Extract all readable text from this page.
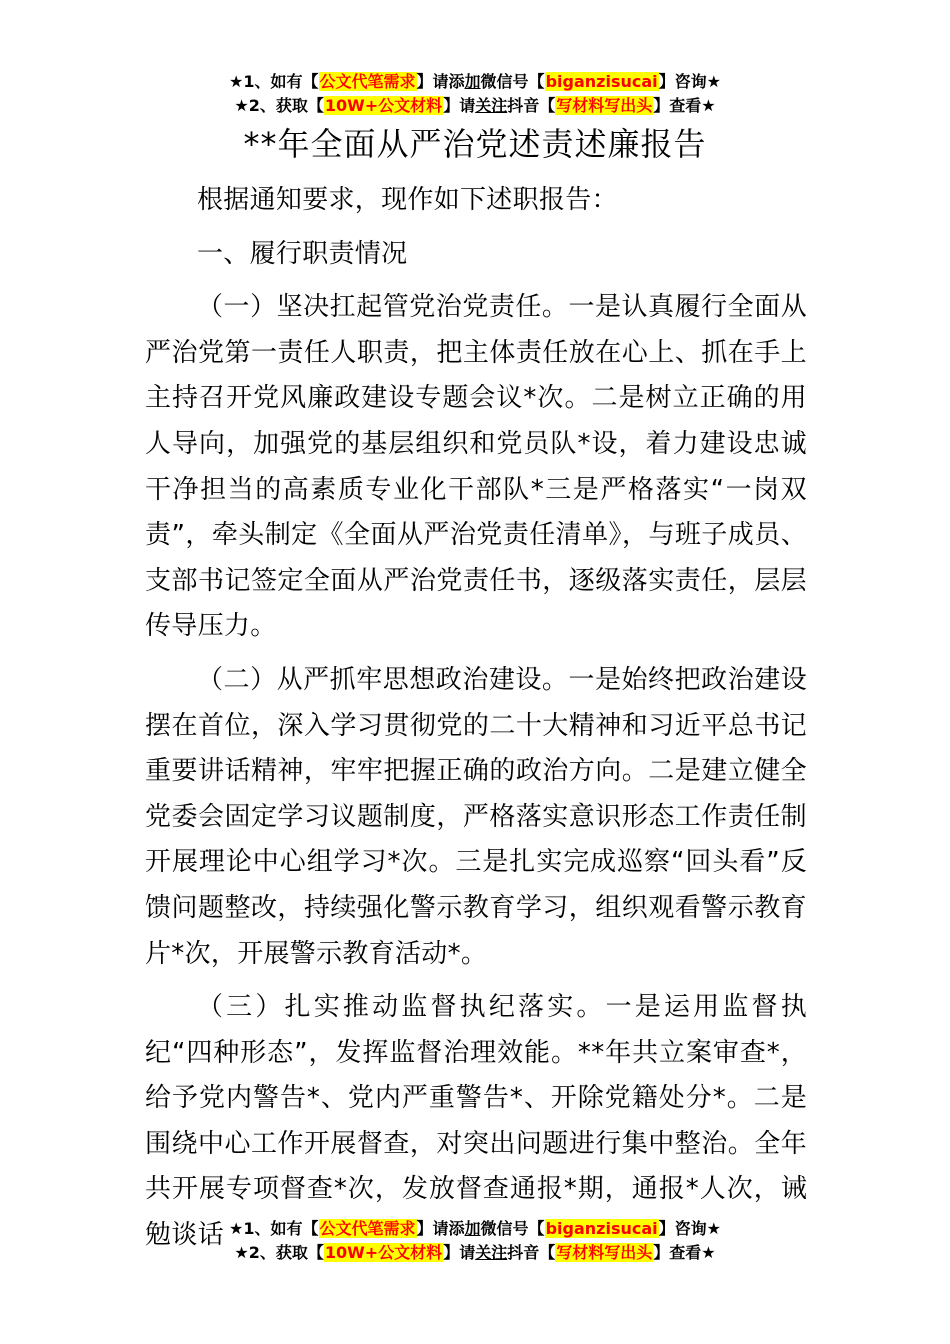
★1、如有【公文代笔需求】请添加微信号【biganzisucai】咨询★
★2、获取【10W+公文材料】请关注抖音【写材料写出头】查看★
**年全面从严治党述责述廉报告

根据通知要求，现作如下述职报告：

一、履行职责情况

（一）坚决扛起管党治党责任。一是认真履行全面从严治党第一责任人职责，把主体责任放在心上、抓在手上主持召开党风廉政建设专题会议*次。二是树立正确的用人导向，加强党的基层组织和党员队*设，着力建设忠诚干净担当的高素质专业化干部队*三是严格落实“一岗双责”，牵头制定《全面从严治党责任清单》，与班子成员、支部书记签定全面从严治党责任书，逐级落实责任，层层传导压力。

（二）从严抓牢思想政治建设。一是始终把政治建设摆在首位，深入学习贯彻党的二十大精神和习近平总书记重要讲话精神，牢牢把握正确的政治方向。二是建立健全党委会固定学习议题制度，严格落实意识形态工作责任制开展理论中心组学习*次。三是扎实完成巡察“回头看”反馈问题整改，持续强化警示教育学习，组织观看警示教育片*次，开展警示教育活动*。

（三）扎实推动监督执纪落实。一是运用监督执纪“四种形态”，发挥监督治理效能。**年共立案审查*，给予党内警告*、党内严重警告*、开除党籍处分*。二是围绕中心工作开展督查，对突出问题进行集中整治。全年共开展专项督查*次，发放督查通报*期，通报*人次，诫勉谈话 ★1、如有【公文代笔需求】请添加微信号【biganzisucai】咨询★
★2、获取【10W+公文材料】请关注抖音【写材料写出头】查看★
